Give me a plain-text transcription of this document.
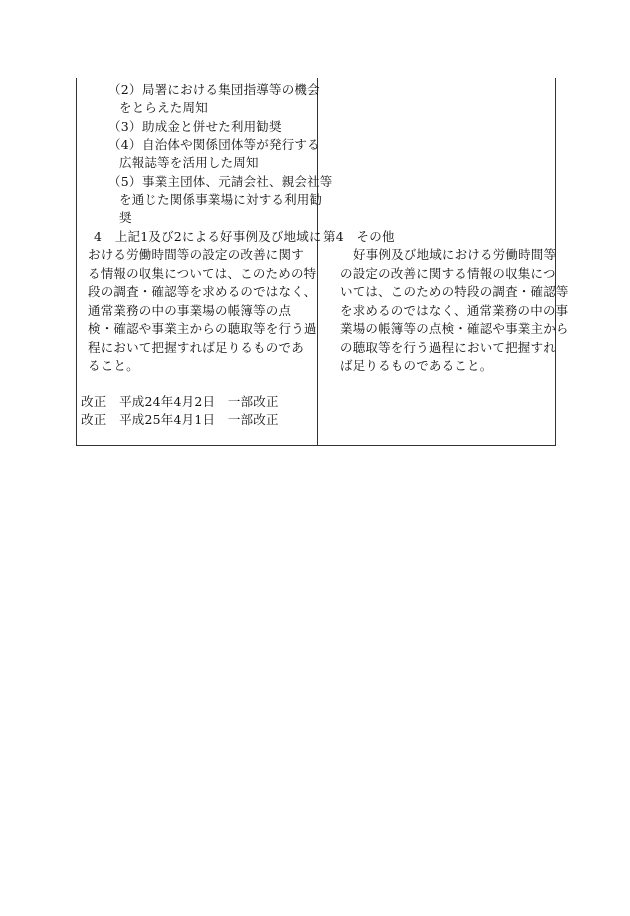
（2） 局署における集団指導等の機会
をとらえた周知
（3） 助成金と併せた利用勧奨
（4） 自治体や関係団体等が発行する
広報誌等を活用した周知
（5） 事業主団体、元請会社、親会社等
を通じた関係事業場に対する利用勧
奨
4　上記1及び2による好事例及び地域に
おける労働時間等の設定の改善に関す
る情報の収集については、このための特
段の調査・確認等を求めるのではなく、
通常業務の中の事業場の帳簿等の点
検・確認や事業主からの聴取等を行う過
程において把握すれば足りるものであ
ること。
改正　平成24年4月2日　一部改正
改正　平成25年4月1日　一部改正
第4　その他
好事例及び地域における労働時間等
の設定の改善に関する情報の収集につ
いては、このための特段の調査・確認等
を求めるのではなく、通常業務の中の事
業場の帳簿等の点検・確認や事業主から
の聴取等を行う過程において把握すれ
ば足りるものであること。
